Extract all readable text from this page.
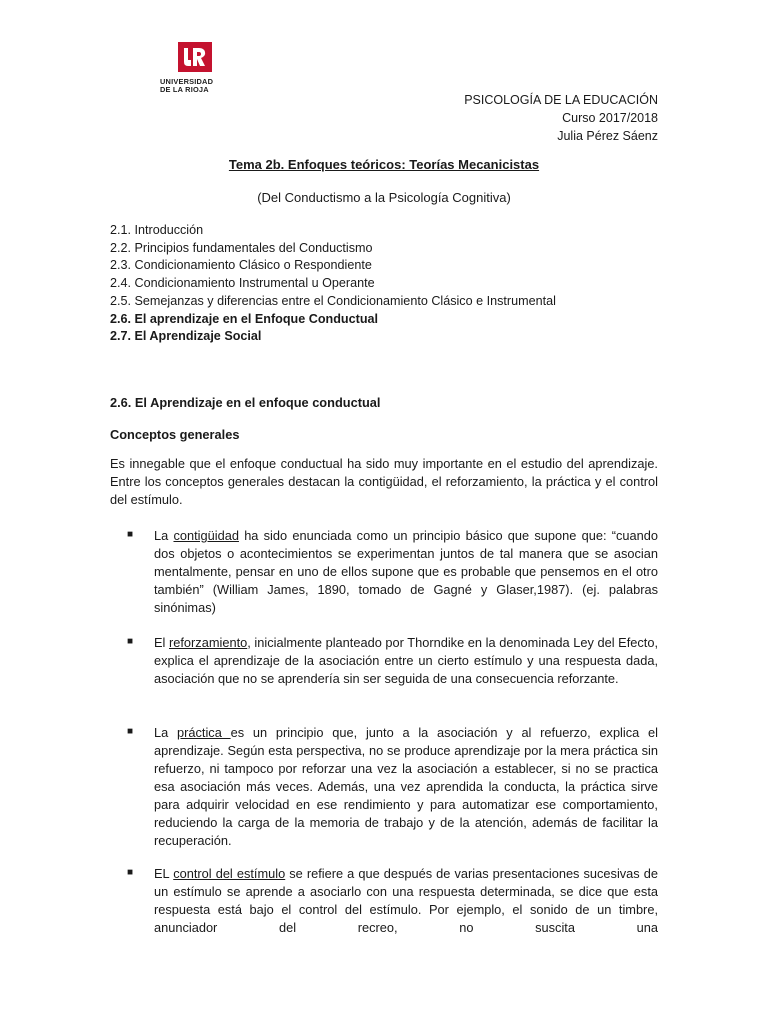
UNIVERSIDAD
DE LA RIOJA
PSICOLOGÍA DE LA EDUCACIÓN
Curso 2017/2018
Julia Pérez Sáenz
Tema 2b. Enfoques teóricos: Teorías Mecanicistas
(Del Conductismo a la Psicología Cognitiva)
2.1. Introducción
2.2. Principios fundamentales del Conductismo
2.3. Condicionamiento Clásico o Respondiente
2.4. Condicionamiento Instrumental u Operante
2.5. Semejanzas y diferencias entre el Condicionamiento Clásico e Instrumental
2.6. El aprendizaje en el Enfoque Conductual
2.7. El Aprendizaje Social
2.6. El Aprendizaje en el enfoque conductual
Conceptos generales
Es innegable que el enfoque conductual ha sido muy importante en el estudio del aprendizaje. Entre los conceptos generales destacan la contigüidad, el reforzamiento, la práctica y el control del estímulo.
■ La contigüidad ha sido enunciada como un principio básico que supone que: “cuando dos objetos o acontecimientos se experimentan juntos de tal manera que se asocian mentalmente, pensar en uno de ellos supone que es probable que pensemos en el otro también” (William James, 1890, tomado de Gagné y Glaser,1987). (ej. palabras sinónimas)
■ El reforzamiento, inicialmente planteado por Thorndike en la denominada Ley del Efecto, explica el aprendizaje de la asociación entre un cierto estímulo y una respuesta dada, asociación que no se aprendería sin ser seguida de una consecuencia reforzante.
■ La práctica es un principio que, junto a la asociación y al refuerzo, explica el aprendizaje. Según esta perspectiva, no se produce aprendizaje por la mera práctica sin refuerzo, ni tampoco por reforzar una vez la asociación a establecer, si no se practica esa asociación más veces. Además, una vez aprendida la conducta, la práctica sirve para adquirir velocidad en ese rendimiento y para automatizar ese comportamiento, reduciendo la carga de la memoria de trabajo y de la atención, además de facilitar la recuperación.
■ EL control del estímulo se refiere a que después de varias presentaciones sucesivas de un estímulo se aprende a asociarlo con una respuesta determinada, se dice que esta respuesta está bajo el control del estímulo. Por ejemplo, el sonido de un timbre, anunciador del recreo, no suscita una
